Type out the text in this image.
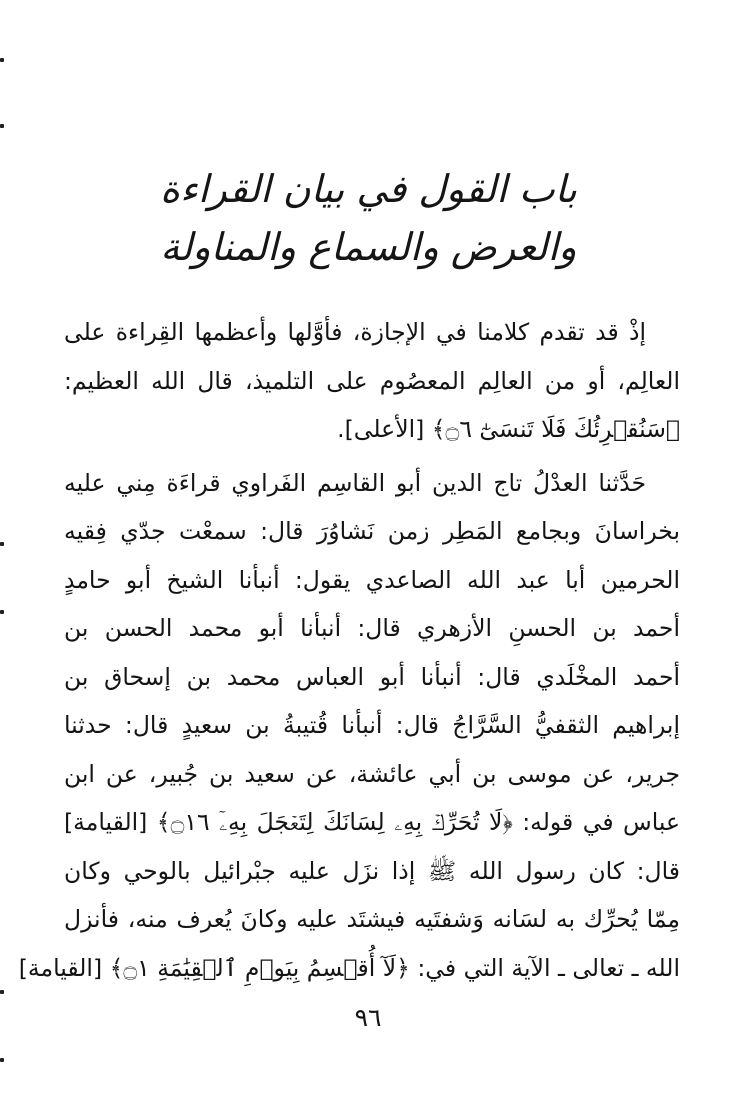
باب القول في بيان القراءة
والعرض والسماع والمناولة
إذْ قد تقدم كلامنا في الإجازة، فأوَّلها وأعظمها القِراءة على
العالِم، أو من العالِم المعصُوم على التلميذ، قال الله العظيم:
﴿سَنُقۡرِئُكَ فَلَا تَنسَىٰٓ ۝٦﴾ [الأعلى].
حَدَّثنا العدْلُ تاج الدين أبو القاسِم الفَراوي قراءَة مِني عليه
بخراسانَ وبجامع المَطِر زمن نَشاوُرَ قال: سمعْت جدّي فِقيه
الحرمين أبا عبد الله الصاعدي يقول: أنبأنا الشيخ أبو حامدٍ
أحمد بن الحسنِ الأزهري قال: أنبأنا أبو محمد الحسن بن
أحمد المخْلَدي قال: أنبأنا أبو العباس محمد بن إسحاق بن
إبراهيم الثقفيُّ السَّرَّاجُ قال: أنبأنا قُتيبةُ بن سعيدٍ قال: حدثنا
جرير، عن موسى بن أبي عائشة، عن سعيد بن جُبير، عن ابن
عباس في قوله: ﴿لَا تُحَرِّكۡ بِهِۦ لِسَانَكَ لِتَعۡجَلَ بِهِۦٓ ۝١٦﴾ [القيامة]
قال: كان رسول الله ﷺ إذا نزَل عليه جبْرائيل بالوحي وكان
مِمّا يُحرِّك به لسَانه وَشفتَيه فيشتَد عليه وكانَ يُعرف منه، فأنزل
الله ـ تعالى ـ الآية التي في: ﴿لَآ أُقۡسِمُ بِيَوۡمِ ٱلۡقِيَٰمَةِ ۝١﴾ [القيامة]
٩٦
